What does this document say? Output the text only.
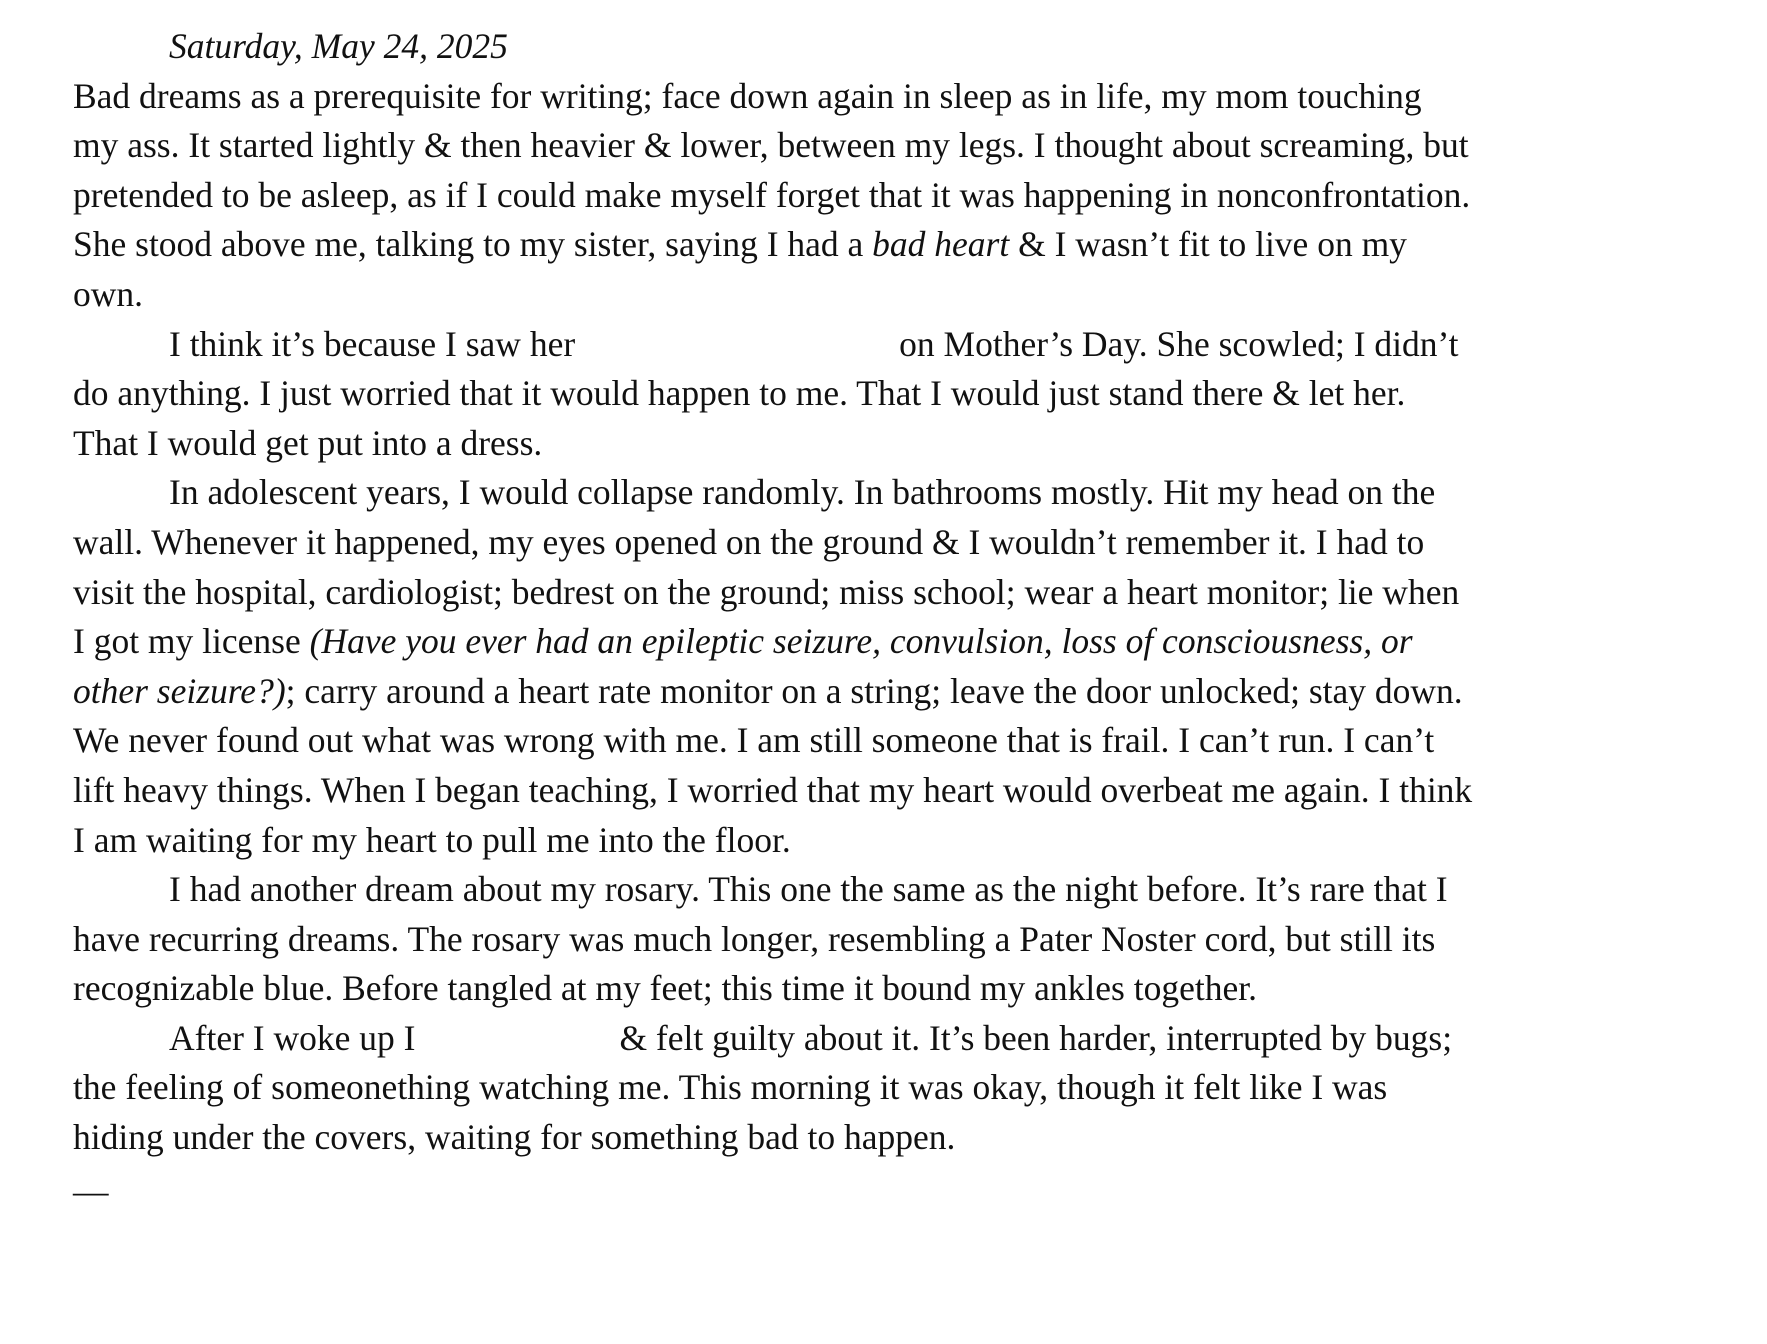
Saturday, May 24, 2025

Bad dreams as a prerequisite for writing; face down again in sleep as in life, my mom touching my ass. It started lightly & then heavier & lower, between my legs. I thought about screaming, but pretended to be asleep, as if I could make myself forget that it was happening in nonconfrontation. She stood above me, talking to my sister, saying I had a bad heart & I wasn’t fit to live on my own.

I think it’s because I saw her	on Mother’s Day. She scowled; I didn’t do anything. I just worried that it would happen to me. That I would just stand there & let her. That I would get put into a dress.

In adolescent years, I would collapse randomly. In bathrooms mostly. Hit my head on the wall. Whenever it happened, my eyes opened on the ground & I wouldn’t remember it. I had to visit the hospital, cardiologist; bedrest on the ground; miss school; wear a heart monitor; lie when I got my license (Have you ever had an epileptic seizure, convulsion, loss of consciousness, or other seizure?); carry around a heart rate monitor on a string; leave the door unlocked; stay down. We never found out what was wrong with me. I am still someone that is frail. I can’t run. I can’t lift heavy things. When I began teaching, I worried that my heart would overbeat me again. I think I am waiting for my heart to pull me into the floor.

I had another dream about my rosary. This one the same as the night before. It’s rare that I have recurring dreams. The rosary was much longer, resembling a Pater Noster cord, but still its recognizable blue. Before tangled at my feet; this time it bound my ankles together.

After I woke up I	& felt guilty about it. It’s been harder, interrupted by bugs; the feeling of someonething watching me. This morning it was okay, though it felt like I was hiding under the covers, waiting for something bad to happen.

—
